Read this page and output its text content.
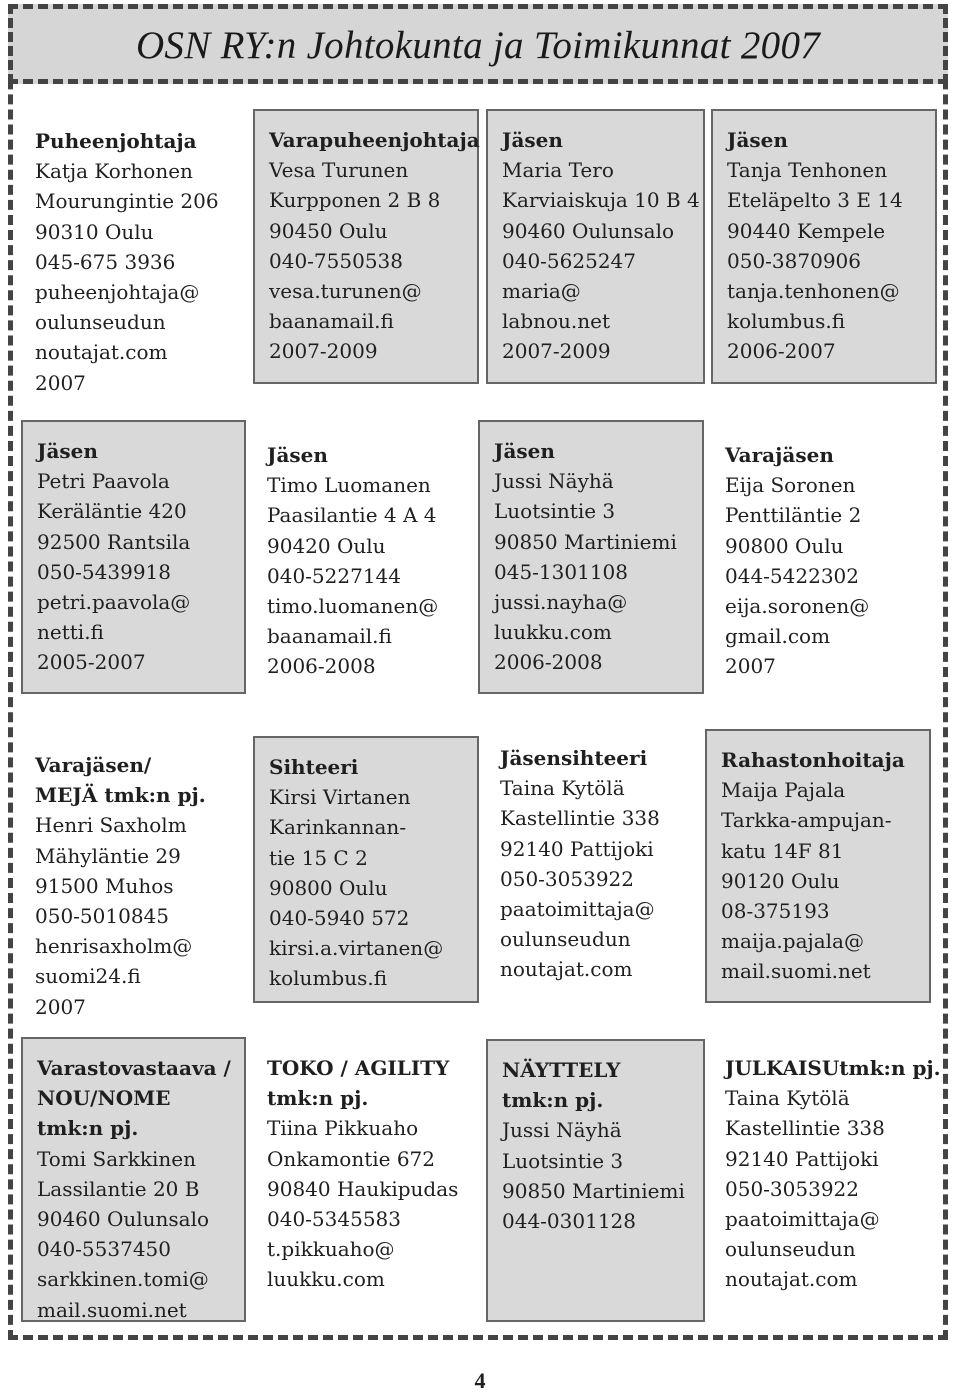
OSN RY:n Johtokunta ja Toimikunnat 2007
Puheenjohtaja
Katja Korhonen
Mourungintie 206
90310 Oulu
045-675 3936
puheenjohtaja@
oulunseudun
noutajat.com
2007
Varapuheenjohtaja
Vesa Turunen
Kurpponen 2 B 8
90450 Oulu
040-7550538
vesa.turunen@
baanamail.fi
2007-2009
Jäsen
Maria Tero
Karviaiskuja 10 B 4
90460 Oulunsalo
040-5625247
maria@
labnou.net
2007-2009
Jäsen
Tanja Tenhonen
Eteläpelto 3 E 14
90440 Kempele
050-3870906
tanja.tenhonen@
kolumbus.fi
2006-2007
Jäsen
Petri Paavola
Keräläntie 420
92500 Rantsila
050-5439918
petri.paavola@
netti.fi
2005-2007
Jäsen
Timo Luomanen
Paasilantie 4 A 4
90420 Oulu
040-5227144
timo.luomanen@
baanamail.fi
2006-2008
Jäsen
Jussi Näyhä
Luotsintie 3
90850 Martiniemi
045-1301108
jussi.nayha@
luukku.com
2006-2008
Varajäsen
Eija Soronen
Penttiläntie 2
90800 Oulu
044-5422302
eija.soronen@
gmail.com
2007
Varajäsen/
MEJÄ tmk:n pj.
Henri Saxholm
Mähyläntie 29
91500 Muhos
050-5010845
henrisaxholm@
suomi24.fi
2007
Sihteeri
Kirsi Virtanen
Karinkannan-
tie 15 C 2
90800 Oulu
040-5940 572
kirsi.a.virtanen@
kolumbus.fi
Jäsensihteeri
Taina Kytölä
Kastellintie 338
92140 Pattijoki
050-3053922
paatoimittaja@
oulunseudun
noutajat.com
Rahastonhoitaja
Maija Pajala
Tarkka-ampujan-
katu 14F 81
90120 Oulu
08-375193
maija.pajala@
mail.suomi.net
Varastovastaava /
NOU/NOME
tmk:n pj.
Tomi Sarkkinen
Lassilantie 20 B
90460 Oulunsalo
040-5537450
sarkkinen.tomi@
mail.suomi.net
TOKO / AGILITY
tmk:n pj.
Tiina Pikkuaho
Onkamontie 672
90840 Haukipudas
040-5345583
t.pikkuaho@
luukku.com
NÄYTTELY
tmk:n pj.
Jussi Näyhä
Luotsintie 3
90850 Martiniemi
044-0301128
JULKAISUtmk:n pj.
Taina Kytölä
Kastellintie 338
92140 Pattijoki
050-3053922
paatoimittaja@
oulunseudun
noutajat.com
4
